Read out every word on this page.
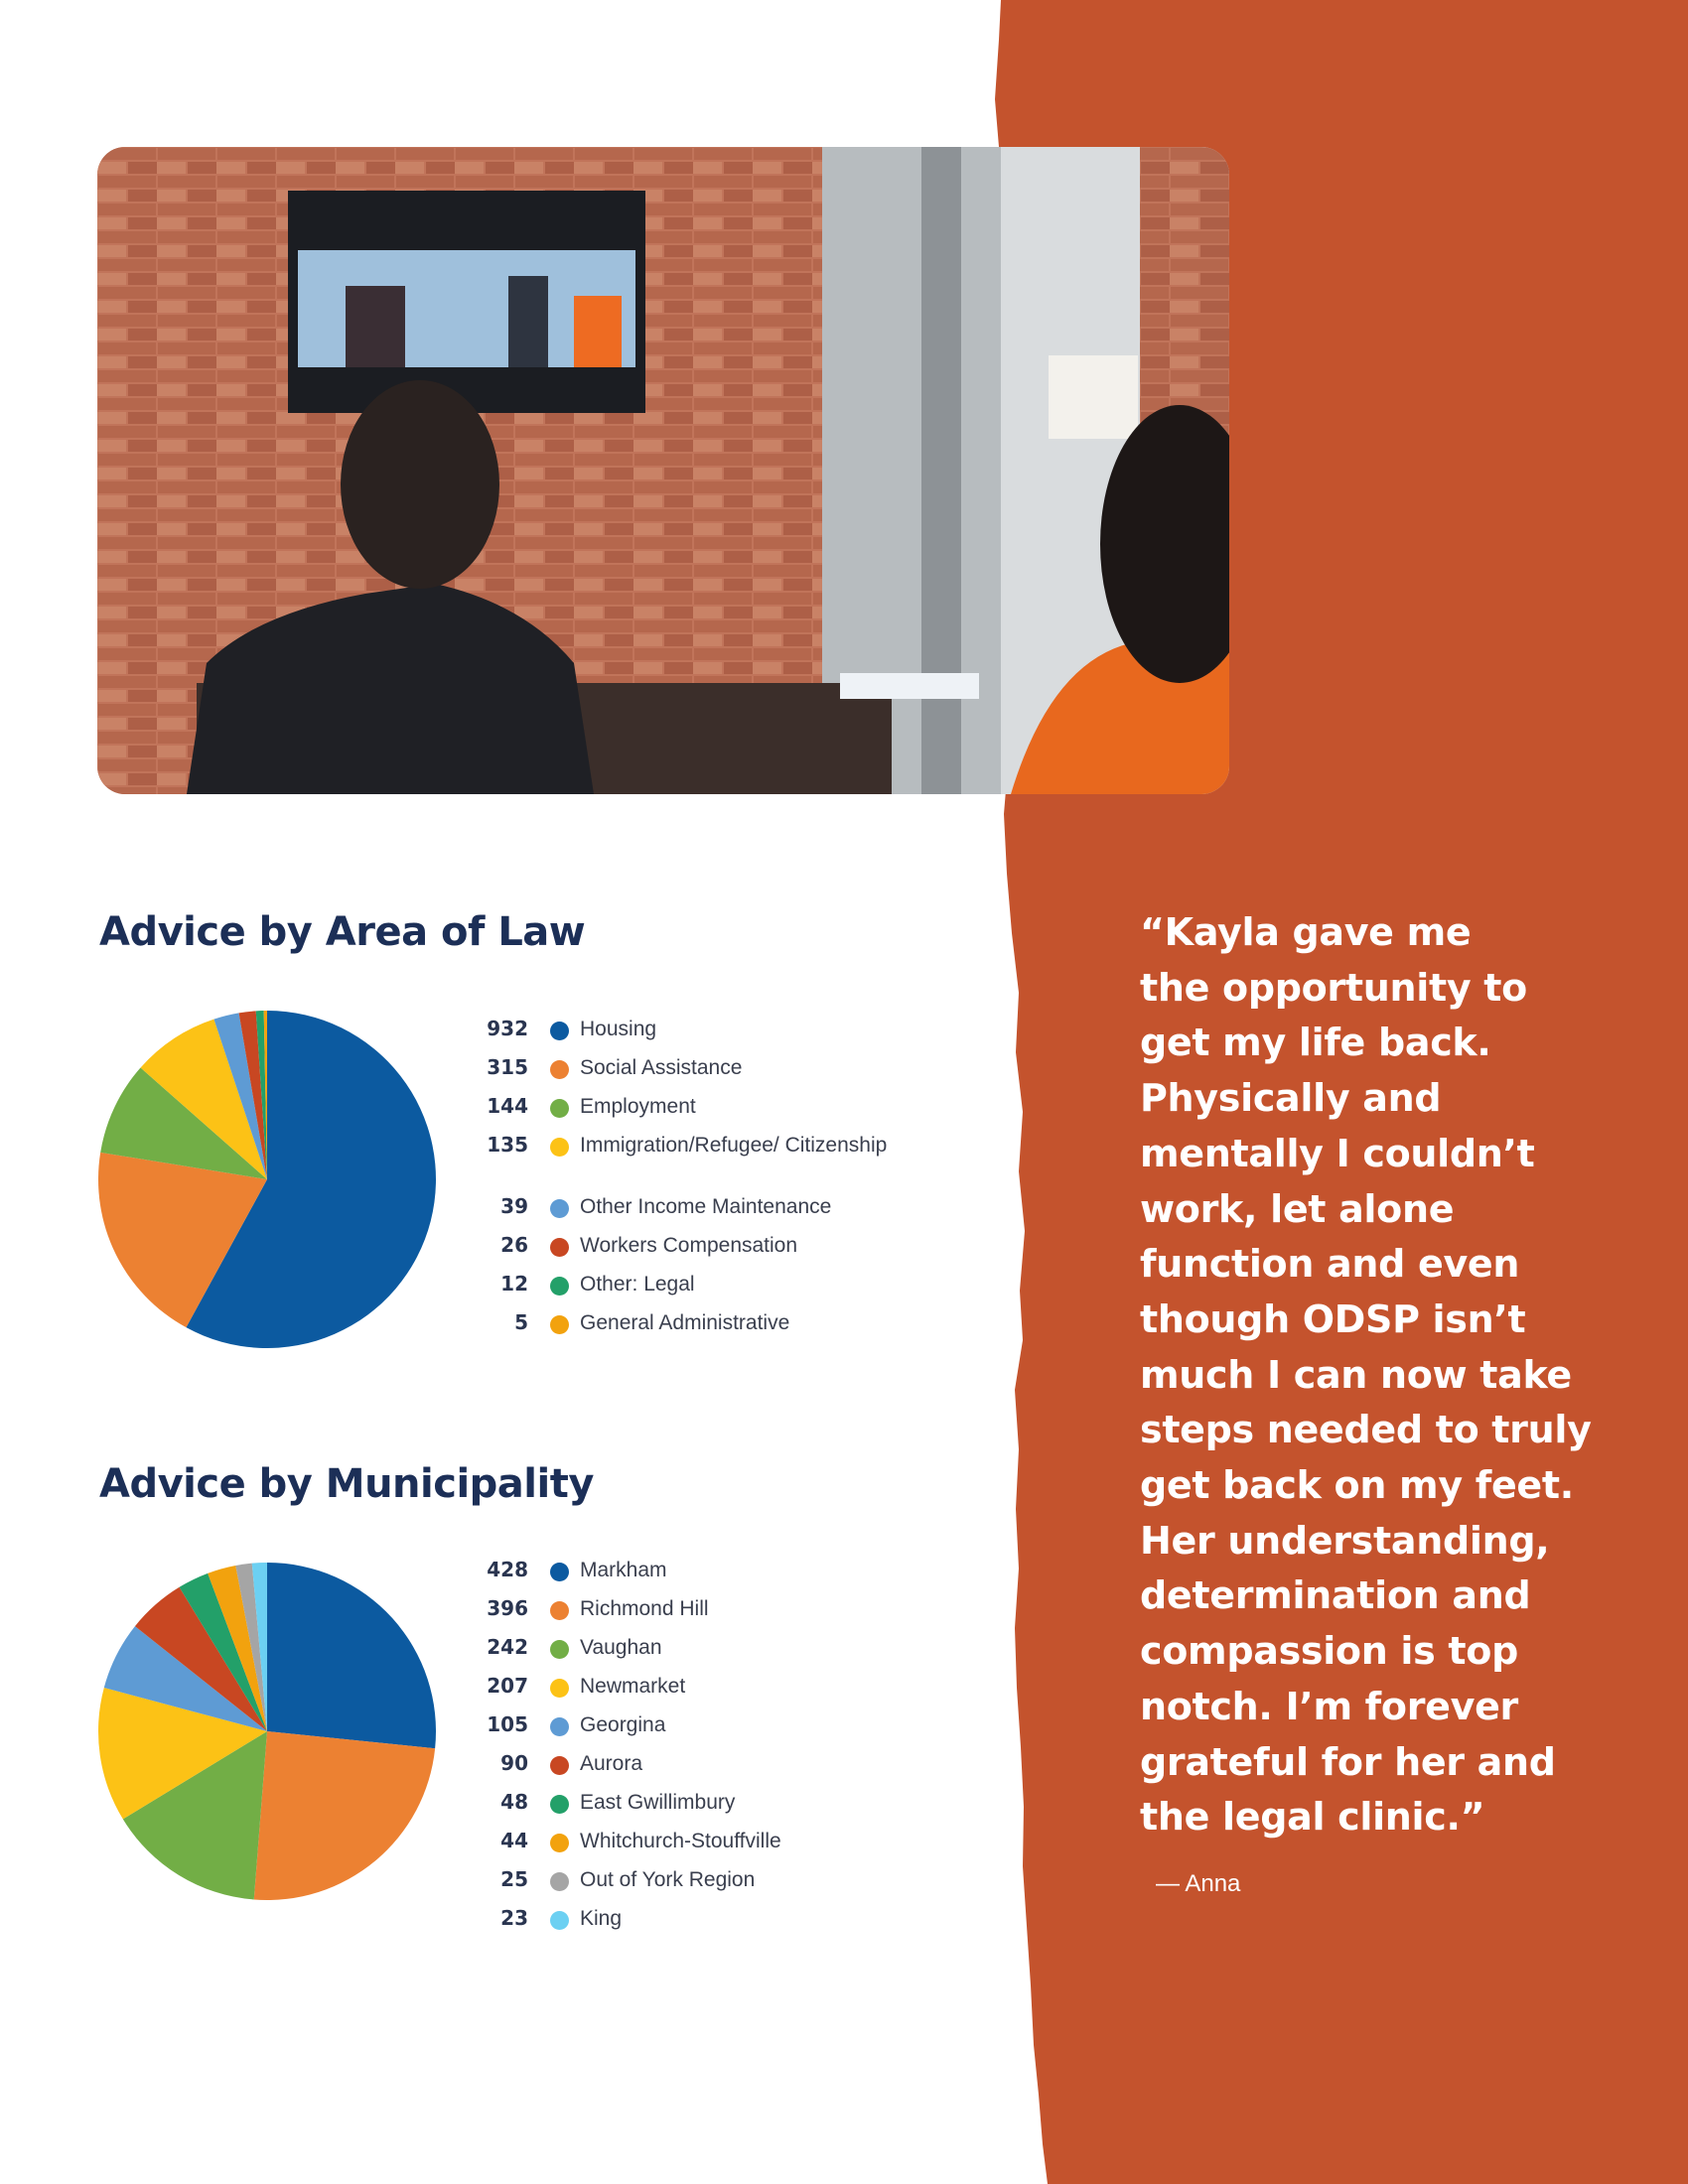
Advice by Area of Law
932 Housing
315 Social Assistance
144 Employment
135 Immigration/Refugee/ Citizenship
39 Other Income Maintenance
26 Workers Compensation
12 Other: Legal
5 General Administrative
Advice by Municipality
428 Markham
396 Richmond Hill
242 Vaughan
207 Newmarket
105 Georgina
90 Aurora
48 East Gwillimbury
44 Whitchurch-Stouffville
25 Out of York Region
23 King

“Kayla gave me
the opportunity to
get my life back.
Physically and
mentally I couldn’t
work, let alone
function and even
though ODSP isn’t
much I can now take
steps needed to truly
get back on my feet.
Her understanding,
determination and
compassion is top
notch. I’m forever
grateful for her and
the legal clinic.”

— Anna
